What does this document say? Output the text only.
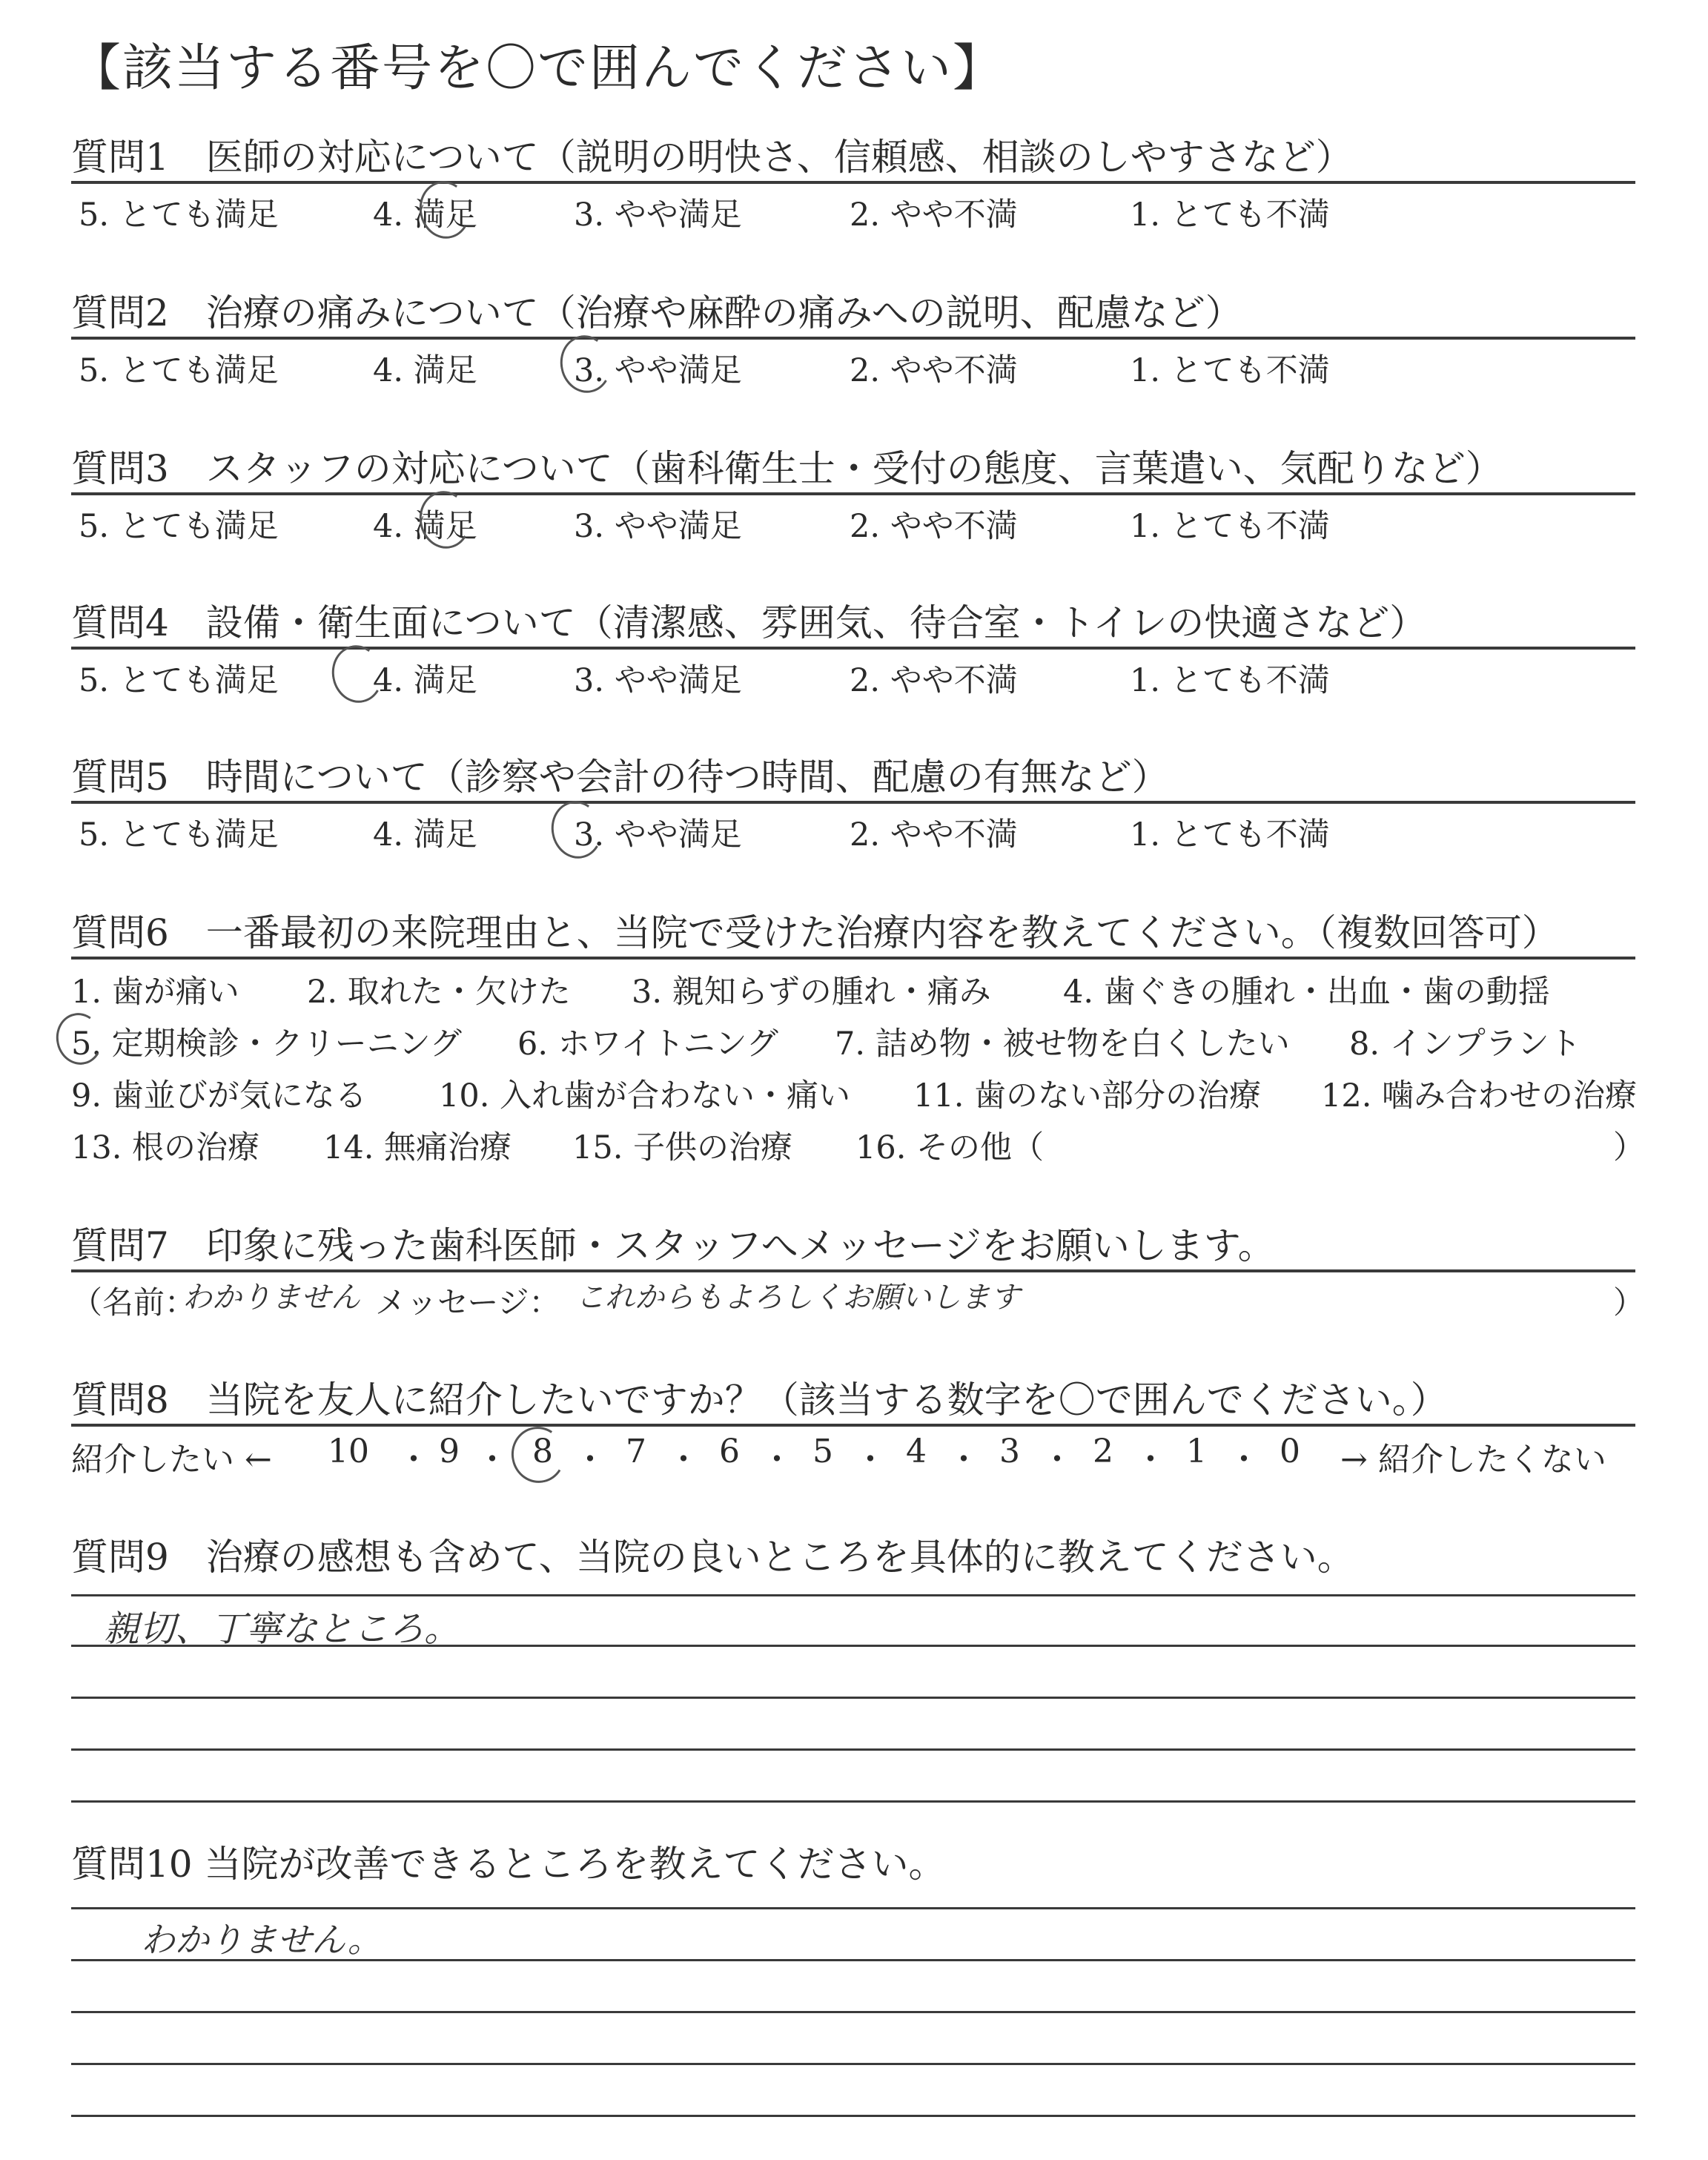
【該当する番号を〇で囲んでください】
質問1　医師の対応について（説明の明快さ、信頼感、相談のしやすさなど）
5. とても満足	4. 満足	3. やや満足	2. やや不満	1. とても不満
質問2　治療の痛みについて（治療や麻酔の痛みへの説明、配慮など）
5. とても満足	4. 満足	3. やや満足	2. やや不満	1. とても不満
質問3　スタッフの対応について（歯科衛生士・受付の態度、言葉遣い、気配りなど）
5. とても満足	4. 満足	3. やや満足	2. やや不満	1. とても不満
質問4　設備・衛生面について（清潔感、雰囲気、待合室・トイレの快適さなど）
5. とても満足	4. 満足	3. やや満足	2. やや不満	1. とても不満
質問5　時間について（診察や会計の待つ時間、配慮の有無など）
5. とても満足	4. 満足	3. やや満足	2. やや不満	1. とても不満
質問6　一番最初の来院理由と、当院で受けた治療内容を教えてください。（複数回答可）
1. 歯が痛い 2. 取れた・欠けた 3. 親知らずの腫れ・痛み 4. 歯ぐきの腫れ・出血・歯の動揺
5. 定期検診・クリーニング 6. ホワイトニング 7. 詰め物・被せ物を白くしたい 8. インプラント
9. 歯並びが気になる 10. 入れ歯が合わない・痛い 11. 歯のない部分の治療 12. 噛み合わせの治療
13. 根の治療 14. 無痛治療 15. 子供の治療 16. その他（	）
質問7　印象に残った歯科医師・スタッフへメッセージをお願いします。
（名前：
わかりません メッセージ： これからもよろしくお願いします	）
質問8　当院を友人に紹介したいですか？（該当する数字を〇で囲んでください。）
紹介したい ← 10 ・ 9 ・ 8 ・ 7 ・ 6 ・ 5 ・ 4 ・ 3 ・ 2 ・ 1 ・ 0 → 紹介したくない
質問9　治療の感想も含めて、当院の良いところを具体的に教えてください。
親切、丁寧なところ。
質問10 当院が改善できるところを教えてください。
わかりません。
